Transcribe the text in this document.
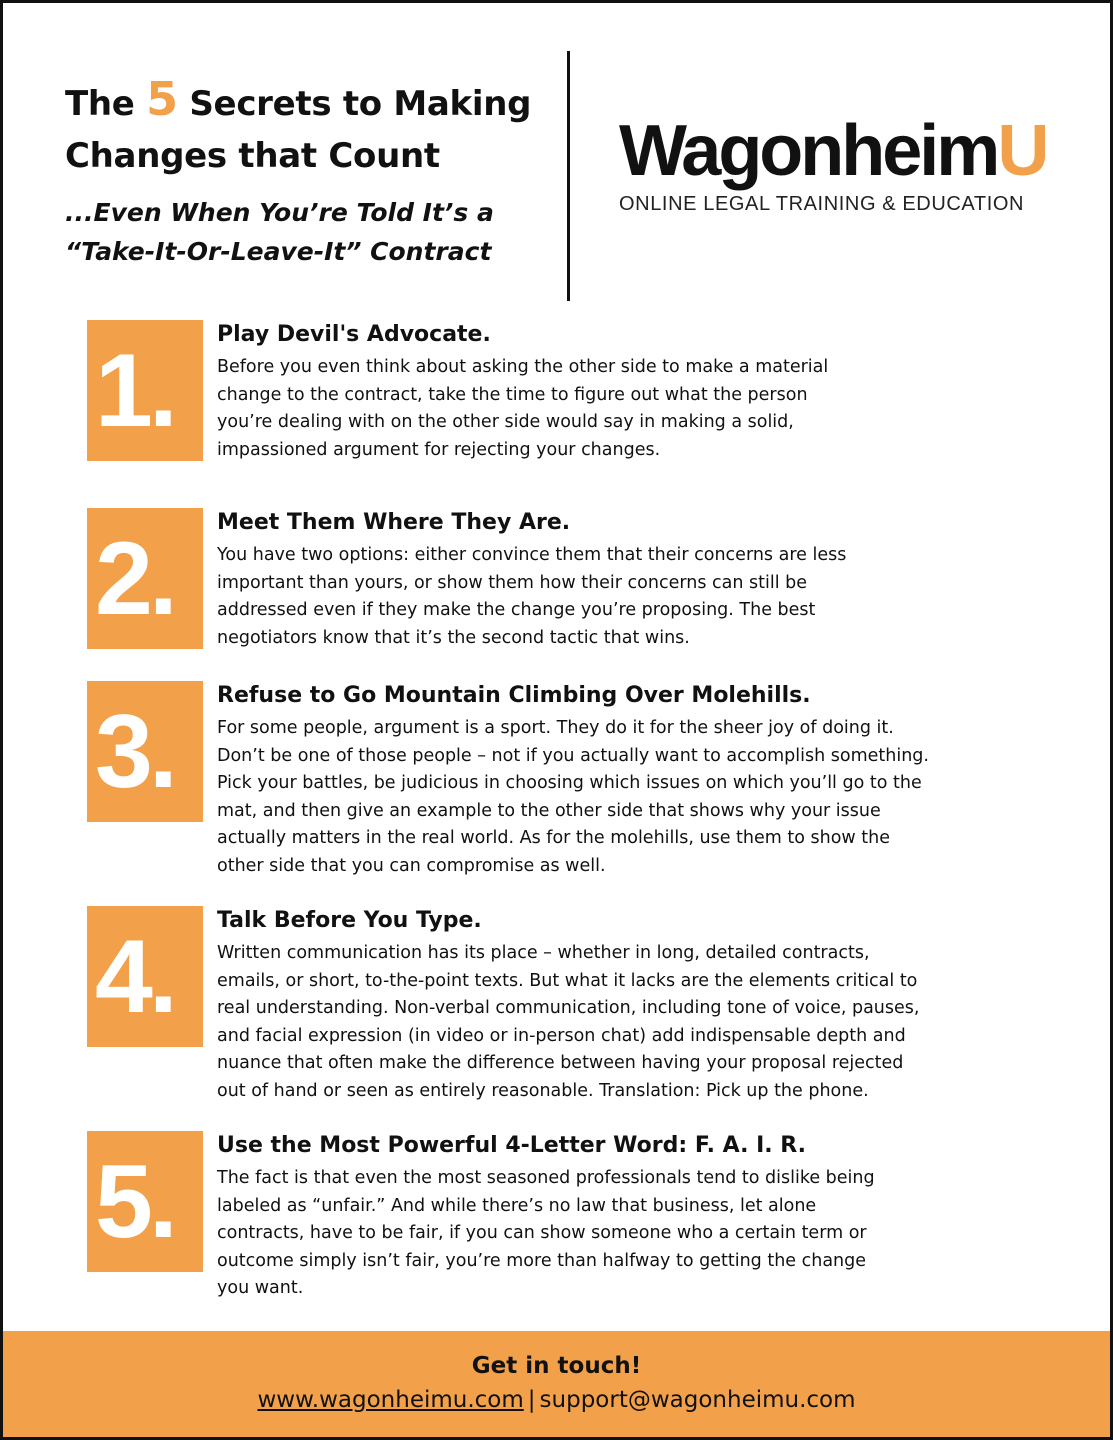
The 5 Secrets to Making
Changes that Count
...Even When You’re Told It’s a
“Take-It-Or-Leave-It” Contract
WagonheimU
ONLINE LEGAL TRAINING & EDUCATION
1. Play Devil's Advocate.
Before you even think about asking the other side to make a material
change to the contract, take the time to figure out what the person
you’re dealing with on the other side would say in making a solid,
impassioned argument for rejecting your changes.
2. Meet Them Where They Are.
You have two options: either convince them that their concerns are less
important than yours, or show them how their concerns can still be
addressed even if they make the change you’re proposing. The best
negotiators know that it’s the second tactic that wins.
3. Refuse to Go Mountain Climbing Over Molehills.
For some people, argument is a sport. They do it for the sheer joy of doing it.
Don’t be one of those people – not if you actually want to accomplish something.
Pick your battles, be judicious in choosing which issues on which you’ll go to the
mat, and then give an example to the other side that shows why your issue
actually matters in the real world. As for the molehills, use them to show the
other side that you can compromise as well.
4. Talk Before You Type.
Written communication has its place – whether in long, detailed contracts,
emails, or short, to-the-point texts. But what it lacks are the elements critical to
real understanding. Non-verbal communication, including tone of voice, pauses,
and facial expression (in video or in-person chat) add indispensable depth and
nuance that often make the difference between having your proposal rejected
out of hand or seen as entirely reasonable. Translation: Pick up the phone.
5. Use the Most Powerful 4-Letter Word: F. A. I. R.
The fact is that even the most seasoned professionals tend to dislike being
labeled as “unfair.” And while there’s no law that business, let alone
contracts, have to be fair, if you can show someone who a certain term or
outcome simply isn’t fair, you’re more than halfway to getting the change
you want.
Get in touch!
www.wagonheimu.com | support@wagonheimu.com
